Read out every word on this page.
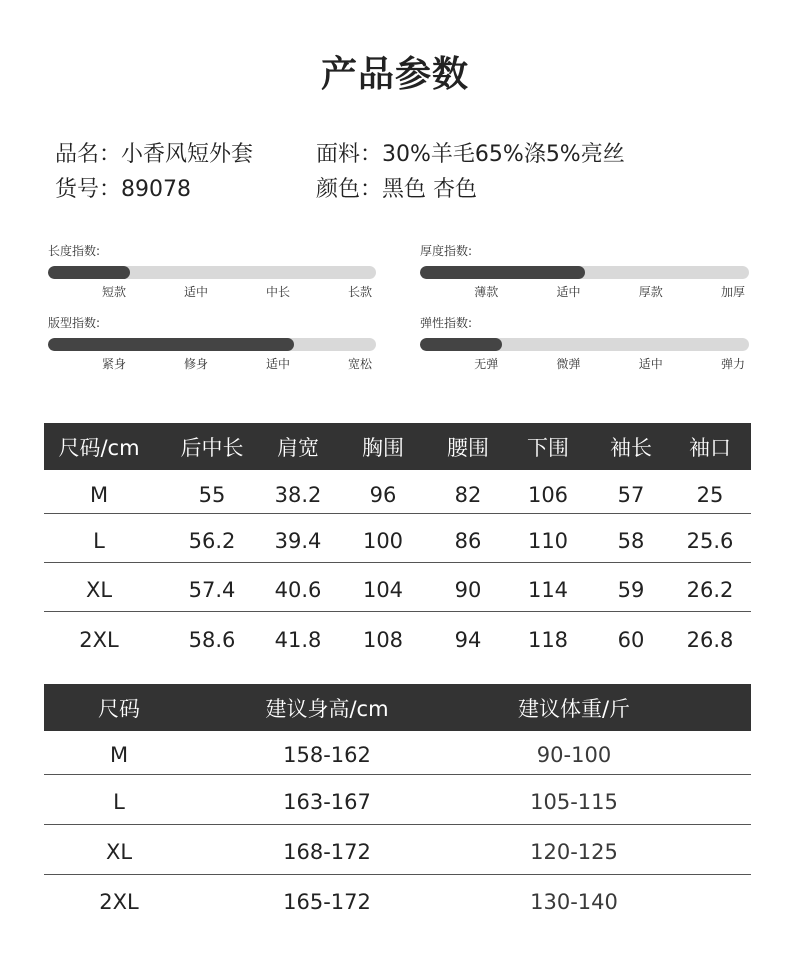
产品参数
品名：小香风短外套	面料：30%羊毛65%涤5%亮丝
货号：89078	颜色：黑色 杏色
长度指数:
短款	适中	中长	长款
厚度指数:
薄款	适中	厚款	加厚
版型指数:
紧身	修身	适中	宽松
弹性指数:
无弹	微弹	适中	弹力
尺码/cm	后中长	肩宽	胸围	腰围	下围	袖长	袖口
M	55	38.2	96	82	106	57	25
L	56.2	39.4	100	86	110	58	25.6
XL	57.4	40.6	104	90	114	59	26.2
2XL	58.6	41.8	108	94	118	60	26.8
尺码	建议身高/cm	建议体重/斤
M	158-162	90-100
L	163-167	105-115
XL	168-172	120-125
2XL	165-172	130-140
